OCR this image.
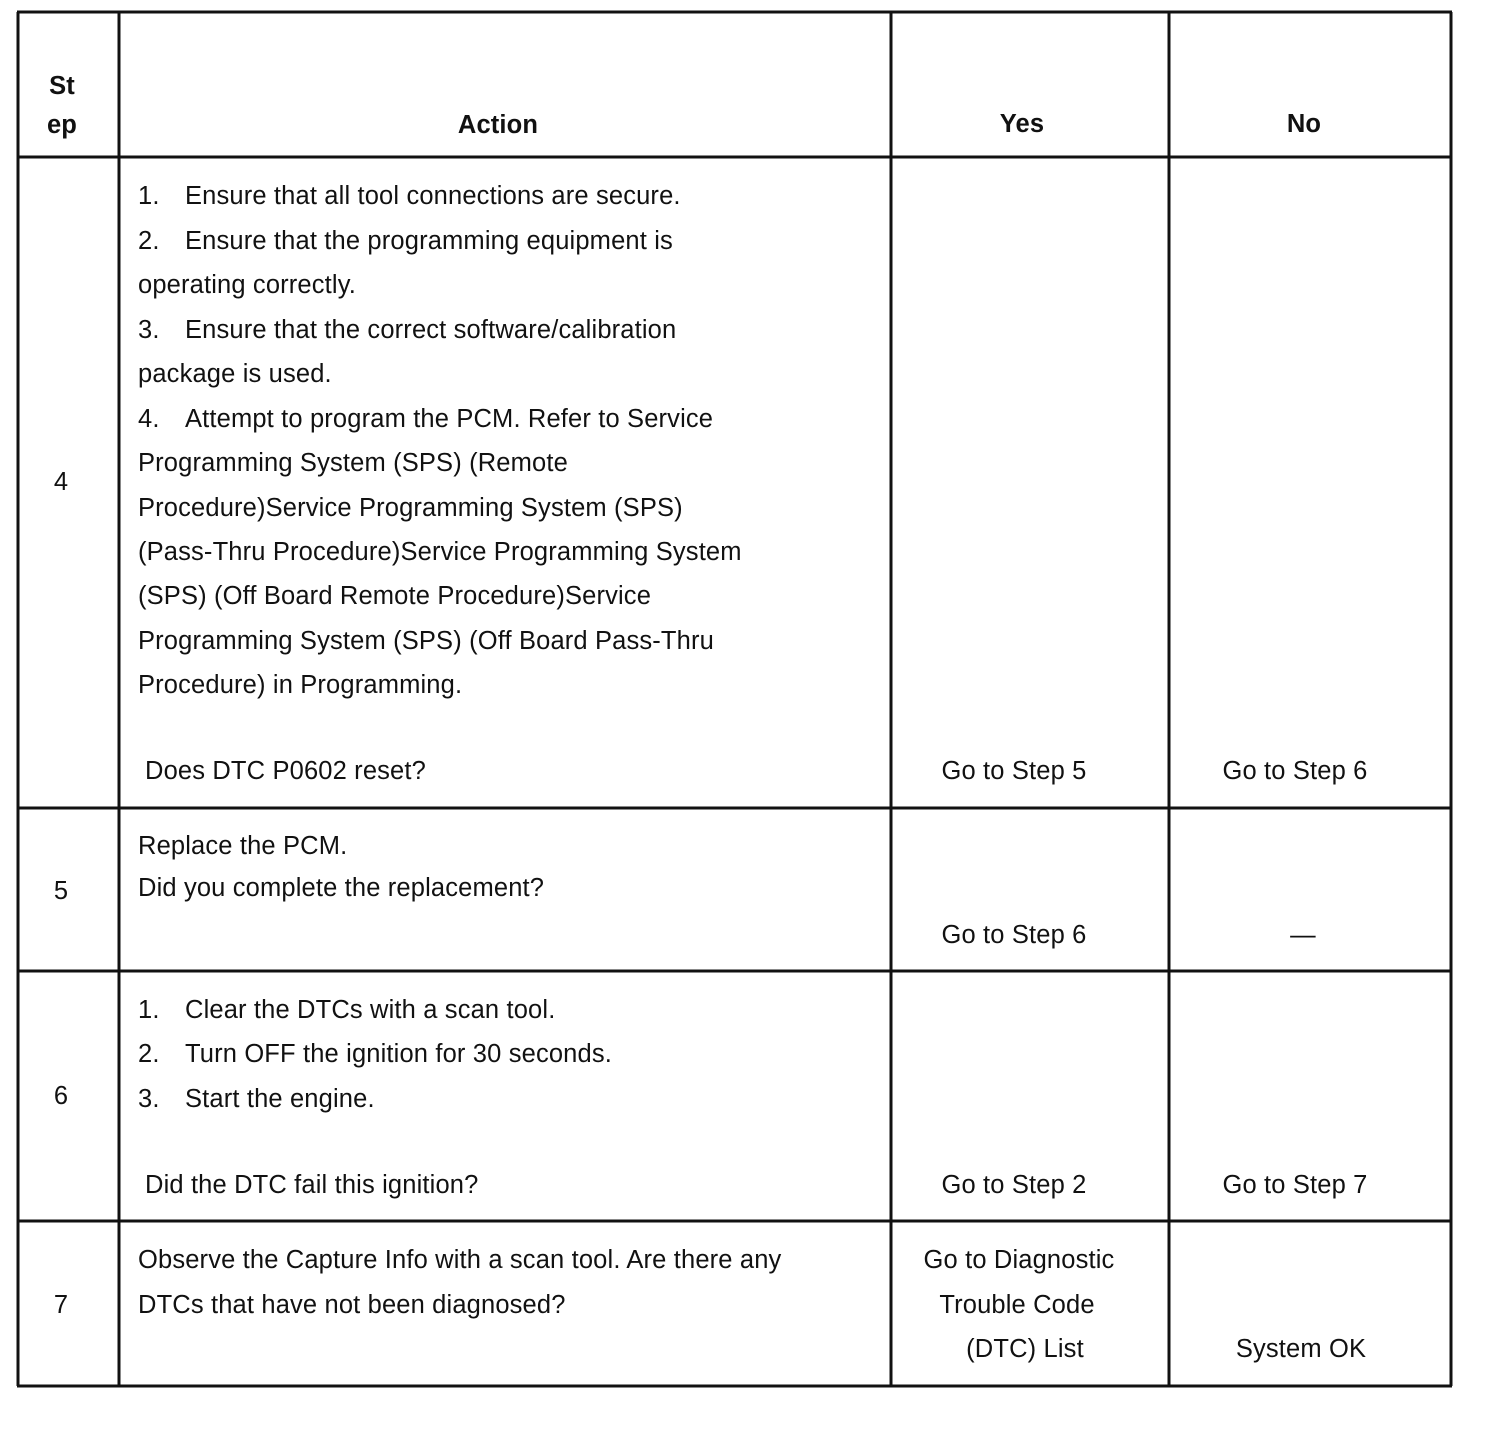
St
ep	Action	Yes	No
4
1. Ensure that all tool connections are secure.
2. Ensure that the programming equipment is
operating correctly.
3. Ensure that the correct software/calibration
package is used.
4. Attempt to program the PCM. Refer to Service
Programming System (SPS) (Remote
Procedure)Service Programming System (SPS)
(Pass-Thru Procedure)Service Programming System
(SPS) (Off Board Remote Procedure)Service
Programming System (SPS) (Off Board Pass-Thru
Procedure) in Programming.
Does DTC P0602 reset?	Go to Step 5	Go to Step 6
5
Replace the PCM.
Did you complete the replacement?
Go to Step 6	—
6
1. Clear the DTCs with a scan tool.
2. Turn OFF the ignition for 30 seconds.
3. Start the engine.
Did the DTC fail this ignition?	Go to Step 2	Go to Step 7
7
Observe the Capture Info with a scan tool. Are there any
DTCs that have not been diagnosed?
Go to Diagnostic
Trouble Code
(DTC) List	System OK
